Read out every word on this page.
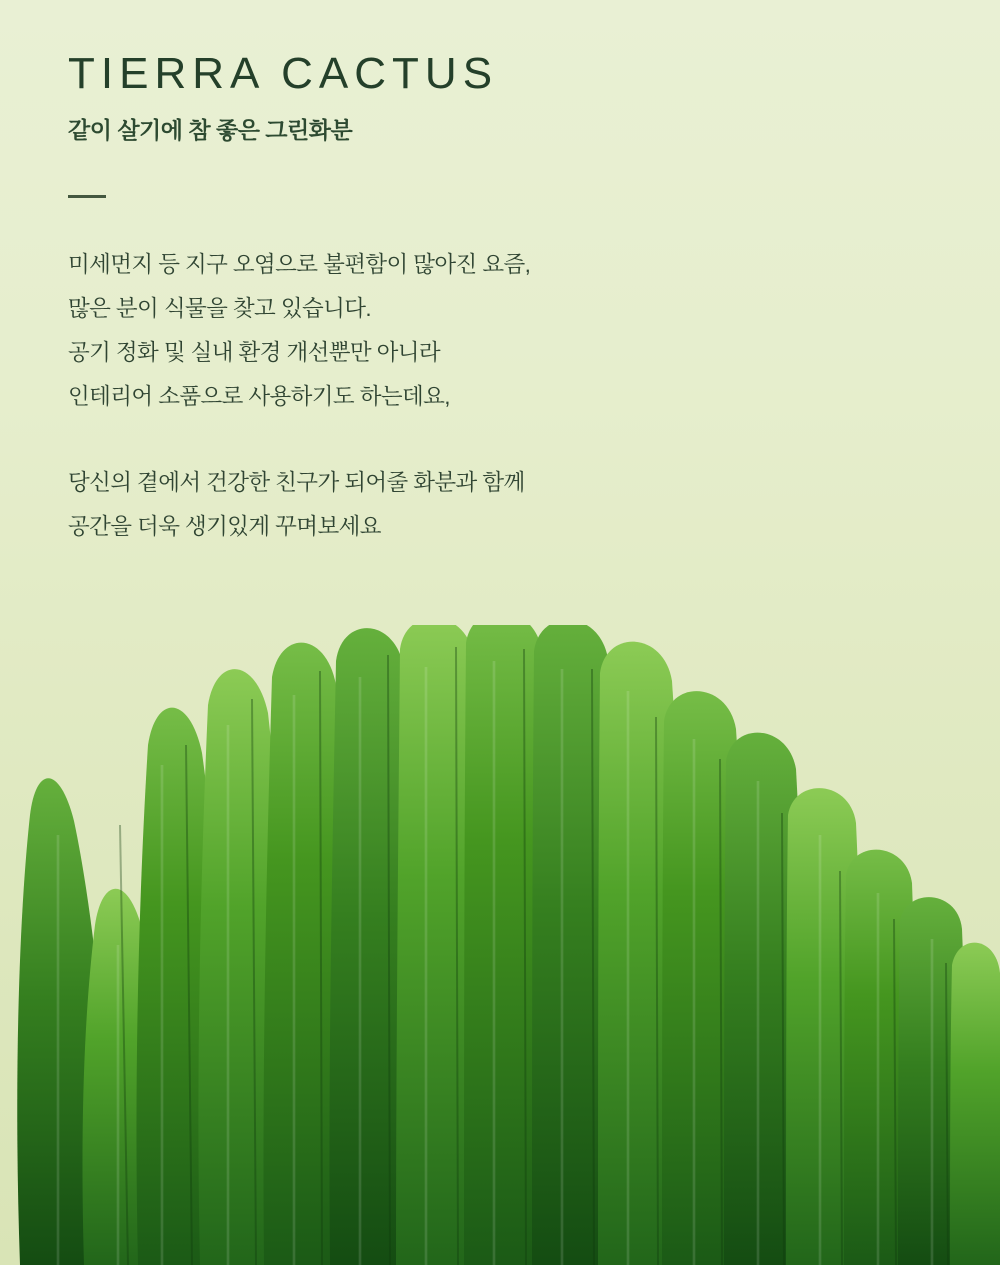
TIERRA CACTUS
같이 살기에 참 좋은 그린화분

미세먼지 등 지구 오염으로 불편함이 많아진 요즘,

많은 분이 식물을 찾고 있습니다.

공기 정화 및 실내 환경 개선뿐만 아니라

인테리어 소품으로 사용하기도 하는데요,

당신의 곁에서 건강한 친구가 되어줄 화분과 함께

공간을 더욱 생기있게 꾸며보세요
